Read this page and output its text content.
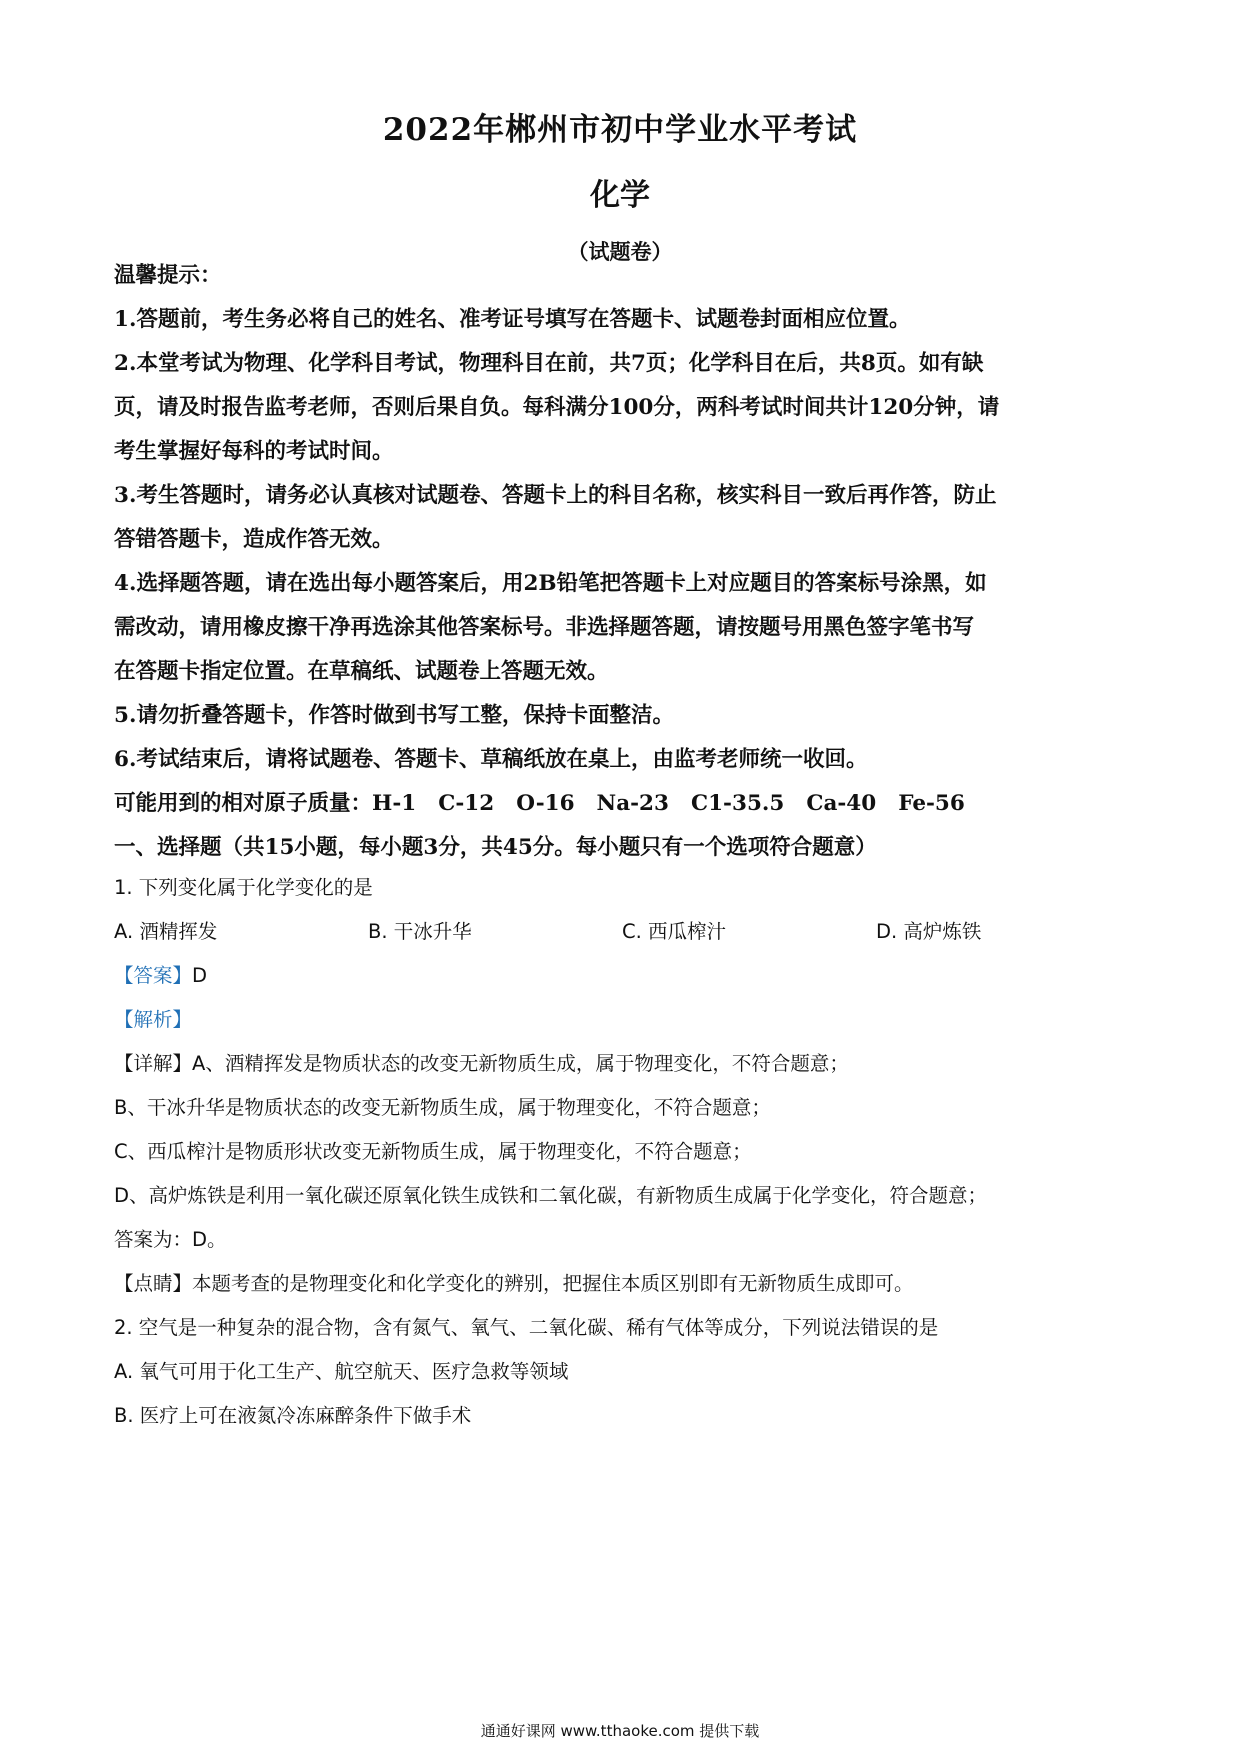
2022年郴州市初中学业水平考试
化学
（试题卷）
温馨提示：
1.答题前，考生务必将自己的姓名、准考证号填写在答题卡、试题卷封面相应位置。
2.本堂考试为物理、化学科目考试，物理科目在前，共7页；化学科目在后，共8页。如有缺
页，请及时报告监考老师，否则后果自负。每科满分100分，两科考试时间共计120分钟，请
考生掌握好每科的考试时间。
3.考生答题时，请务必认真核对试题卷、答题卡上的科目名称，核实科目一致后再作答，防止
答错答题卡，造成作答无效。
4.选择题答题，请在选出每小题答案后，用2B铅笔把答题卡上对应题目的答案标号涂黑，如
需改动，请用橡皮擦干净再选涂其他答案标号。非选择题答题，请按题号用黑色签字笔书写
在答题卡指定位置。在草稿纸、试题卷上答题无效。
5.请勿折叠答题卡，作答时做到书写工整，保持卡面整洁。
6.考试结束后，请将试题卷、答题卡、草稿纸放在桌上，由监考老师统一收回。
可能用到的相对原子质量：H-1 C-12 O-16 Na-23 C1-35.5 Ca-40 Fe-56
一、选择题（共15小题，每小题3分，共45分。每小题只有一个选项符合题意）
1. 下列变化属于化学变化的是
A. 酒精挥发	B. 干冰升华	C. 西瓜榨汁	D. 高炉炼铁
【答案】D
【解析】
【详解】A、酒精挥发是物质状态的改变无新物质生成，属于物理变化，不符合题意；
B、干冰升华是物质状态的改变无新物质生成，属于物理变化，不符合题意；
C、西瓜榨汁是物质形状改变无新物质生成，属于物理变化，不符合题意；
D、高炉炼铁是利用一氧化碳还原氧化铁生成铁和二氧化碳，有新物质生成属于化学变化，符合题意；
答案为：D。
【点睛】本题考查的是物理变化和化学变化的辨别，把握住本质区别即有无新物质生成即可。
2. 空气是一种复杂的混合物，含有氮气、氧气、二氧化碳、稀有气体等成分，下列说法错误的是
A. 氧气可用于化工生产、航空航天、医疗急救等领域
B. 医疗上可在液氮冷冻麻醉条件下做手术
通通好课网 www.tthaoke.com 提供下载
